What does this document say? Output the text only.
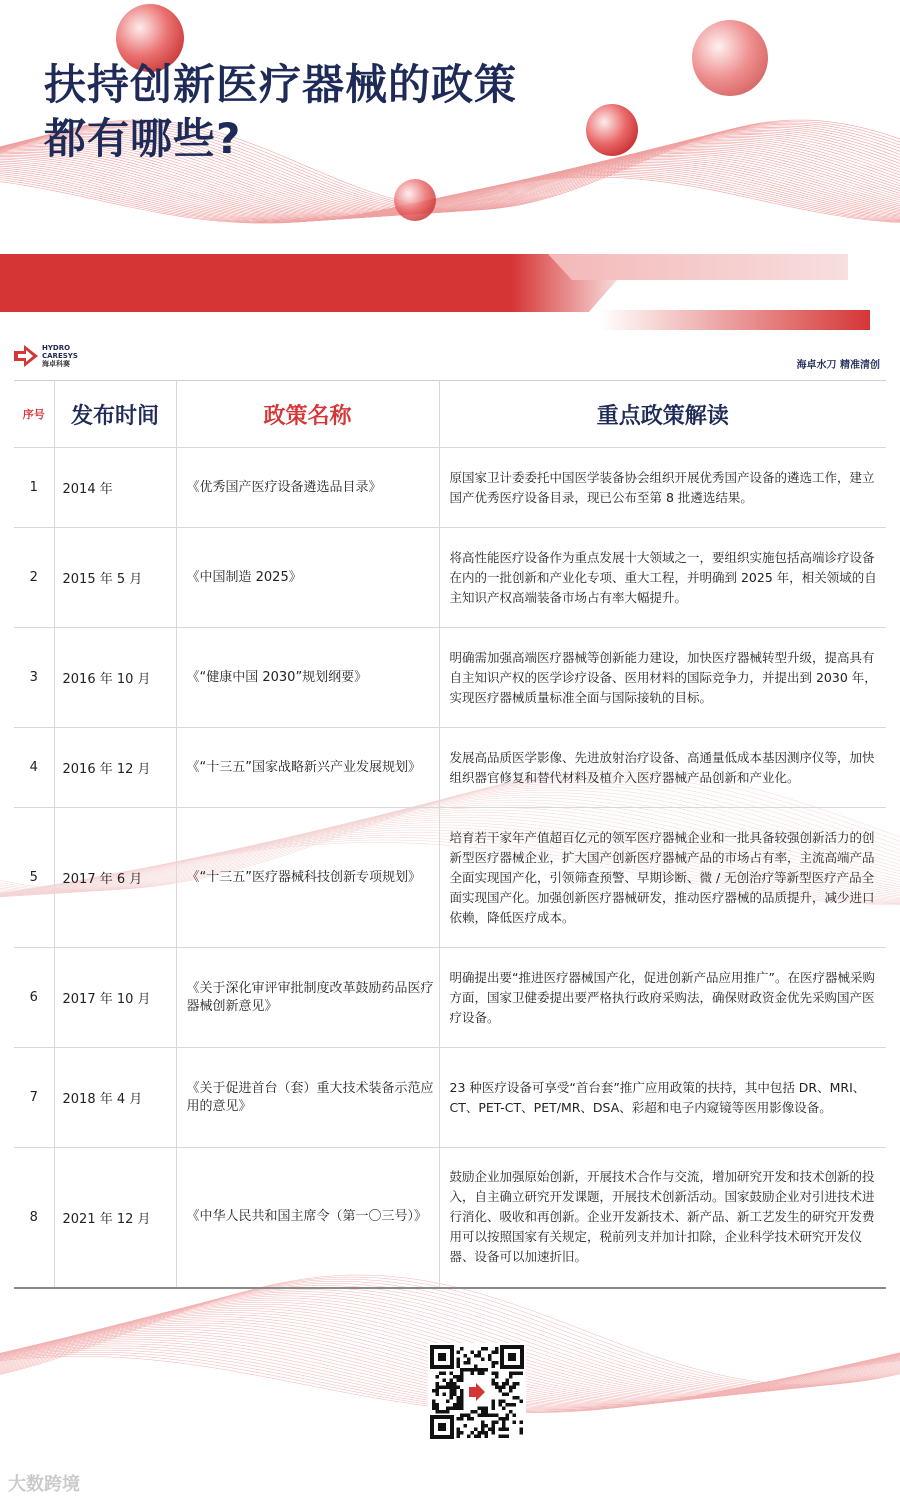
扶持创新医疗器械的政策
都有哪些?
HYDRO
CARESYS
海卓科赛	海卓水刀 精准清创
序号	发布时间	政策名称	重点政策解读
1	2014 年	《优秀国产医疗设备遴选品目录》	原国家卫计委委托中国医学装备协会组织开展优秀国产设备的遴选工作，建立国产优秀医疗设备目录，现已公布至第 8 批遴选结果。
2	2015 年 5 月	《中国制造 2025》	将高性能医疗设备作为重点发展十大领域之一，要组织实施包括高端诊疗设备在内的一批创新和产业化专项、重大工程，并明确到 2025 年，相关领域的自主知识产权高端装备市场占有率大幅提升。
3	2016 年 10 月	《“健康中国 2030”规划纲要》	明确需加强高端医疗器械等创新能力建设，加快医疗器械转型升级，提高具有自主知识产权的医学诊疗设备、医用材料的国际竞争力，并提出到 2030 年，实现医疗器械质量标准全面与国际接轨的目标。
4	2016 年 12 月	《“十三五”国家战略新兴产业发展规划》	发展高品质医学影像、先进放射治疗设备、高通量低成本基因测序仪等，加快组织器官修复和替代材料及植介入医疗器械产品创新和产业化。
5	2017 年 6 月	《“十三五”医疗器械科技创新专项规划》	培育若干家年产值超百亿元的领军医疗器械企业和一批具备较强创新活力的创新型医疗器械企业，扩大国产创新医疗器械产品的市场占有率，主流高端产品全面实现国产化，引领筛查预警、早期诊断、微 / 无创治疗等新型医疗产品全面实现国产化。加强创新医疗器械研发，推动医疗器械的品质提升，减少进口依赖，降低医疗成本。
6	2017 年 10 月	《关于深化审评审批制度改革鼓励药品医疗器械创新意见》	明确提出要“推进医疗器械国产化，促进创新产品应用推广”。在医疗器械采购方面，国家卫健委提出要严格执行政府采购法，确保财政资金优先采购国产医疗设备。
7	2018 年 4 月	《关于促进首台（套）重大技术装备示范应用的意见》	23 种医疗设备可享受“首台套”推广应用政策的扶持，其中包括 DR、MRI、CT、PET-CT、PET/MR、DSA、彩超和电子内窥镜等医用影像设备。
8	2021 年 12 月	《中华人民共和国主席令（第一〇三号）》	鼓励企业加强原始创新，开展技术合作与交流，增加研究开发和技术创新的投入，自主确立研究开发课题，开展技术创新活动。国家鼓励企业对引进技术进行消化、吸收和再创新。企业开发新技术、新产品、新工艺发生的研究开发费用可以按照国家有关规定，税前列支并加计扣除，企业科学技术研究开发仪器、设备可以加速折旧。
大数跨境
